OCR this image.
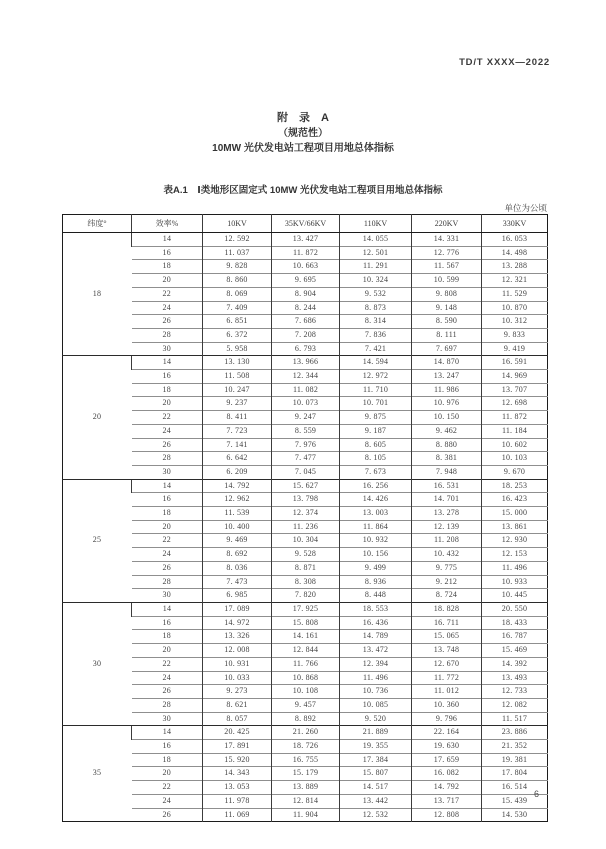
TD/T XXXX—2022
附　录　A
（规范性）
10MW 光伏发电站工程项目用地总体指标
表A.1　Ⅰ类地形区固定式 10MW 光伏发电站工程项目用地总体指标
单位为公顷
纬度°	效率%	10KV	35KV/66KV	110KV	220KV	330KV
18	14	12. 592	13. 427	14. 055	14. 331	16. 053
	16	11. 037	11. 872	12. 501	12. 776	14. 498
	18	9. 828	10. 663	11. 291	11. 567	13. 288
	20	8. 860	9. 695	10. 324	10. 599	12. 321
	22	8. 069	8. 904	9. 532	9. 808	11. 529
	24	7. 409	8. 244	8. 873	9. 148	10. 870
	26	6. 851	7. 686	8. 314	8. 590	10. 312
	28	6. 372	7. 208	7. 836	8. 111	9. 833
	30	5. 958	6. 793	7. 421	7. 697	9. 419
20	14	13. 130	13. 966	14. 594	14. 870	16. 591
	16	11. 508	12. 344	12. 972	13. 247	14. 969
	18	10. 247	11. 082	11. 710	11. 986	13. 707
	20	9. 237	10. 073	10. 701	10. 976	12. 698
	22	8. 411	9. 247	9. 875	10. 150	11. 872
	24	7. 723	8. 559	9. 187	9. 462	11. 184
	26	7. 141	7. 976	8. 605	8. 880	10. 602
	28	6. 642	7. 477	8. 105	8. 381	10. 103
	30	6. 209	7. 045	7. 673	7. 948	9. 670
25	14	14. 792	15. 627	16. 256	16. 531	18. 253
	16	12. 962	13. 798	14. 426	14. 701	16. 423
	18	11. 539	12. 374	13. 003	13. 278	15. 000
	20	10. 400	11. 236	11. 864	12. 139	13. 861
	22	9. 469	10. 304	10. 932	11. 208	12. 930
	24	8. 692	9. 528	10. 156	10. 432	12. 153
	26	8. 036	8. 871	9. 499	9. 775	11. 496
	28	7. 473	8. 308	8. 936	9. 212	10. 933
	30	6. 985	7. 820	8. 448	8. 724	10. 445
30	14	17. 089	17. 925	18. 553	18. 828	20. 550
	16	14. 972	15. 808	16. 436	16. 711	18. 433
	18	13. 326	14. 161	14. 789	15. 065	16. 787
	20	12. 008	12. 844	13. 472	13. 748	15. 469
	22	10. 931	11. 766	12. 394	12. 670	14. 392
	24	10. 033	10. 868	11. 496	11. 772	13. 493
	26	9. 273	10. 108	10. 736	11. 012	12. 733
	28	8. 621	9. 457	10. 085	10. 360	12. 082
	30	8. 057	8. 892	9. 520	9. 796	11. 517
35	14	20. 425	21. 260	21. 889	22. 164	23. 886
	16	17. 891	18. 726	19. 355	19. 630	21. 352
	18	15. 920	16. 755	17. 384	17. 659	19. 381
	20	14. 343	15. 179	15. 807	16. 082	17. 804
	22	13. 053	13. 889	14. 517	14. 792	16. 514
	24	11. 978	12. 814	13. 442	13. 717	15. 439
	26	11. 069	11. 904	12. 532	12. 808	14. 530
6
